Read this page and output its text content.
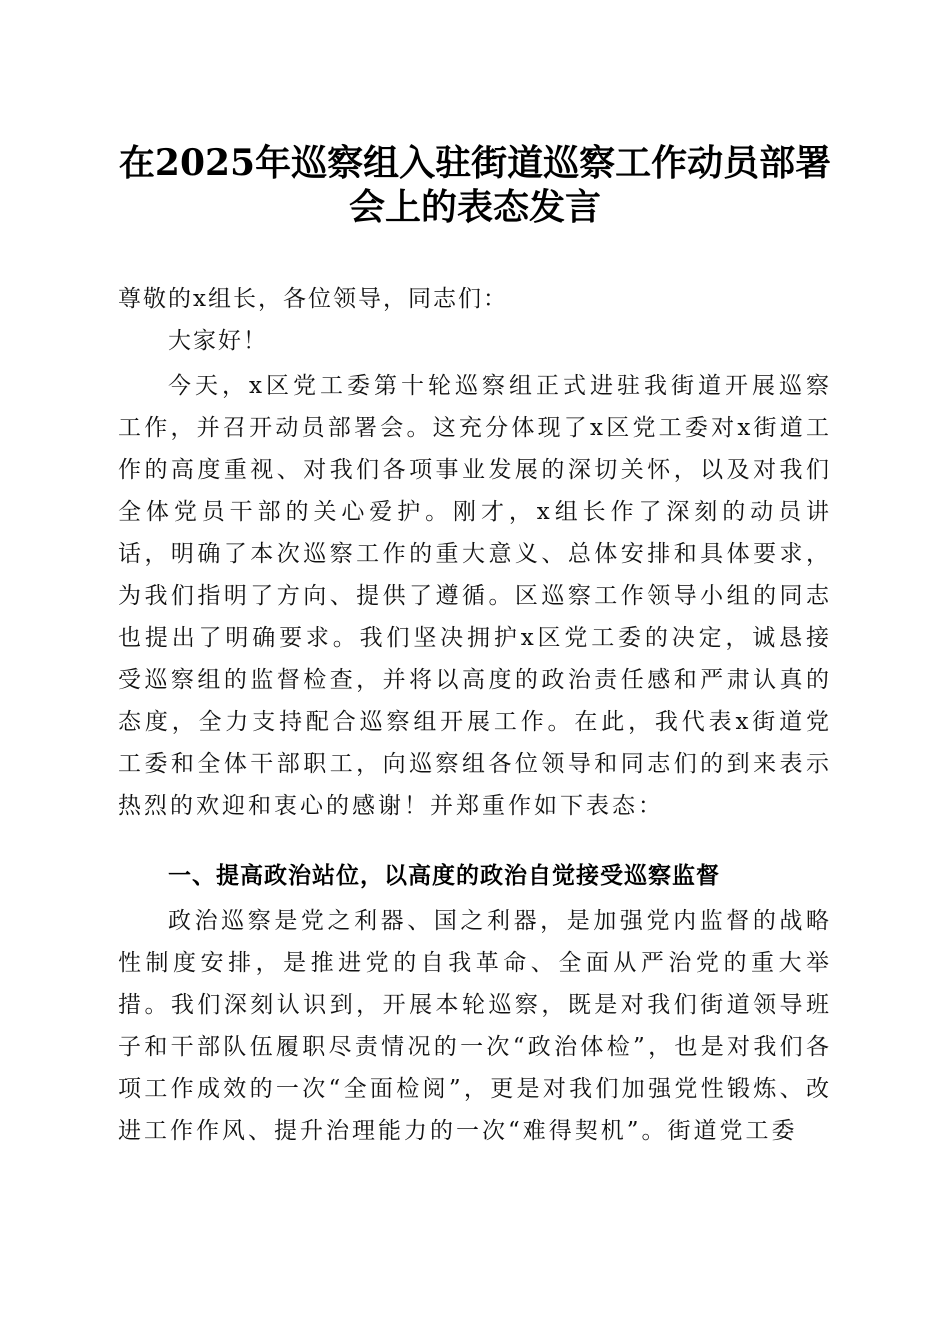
在2025年巡察组入驻街道巡察工作动员部署
会上的表态发言
尊敬的x组长，各位领导，同志们：
大家好！
今天，x区党工委第十轮巡察组正式进驻我街道开展巡察工作，并召开动员部署会。这充分体现了x区党工委对x街道工作的高度重视、对我们各项事业发展的深切关怀，以及对我们全体党员干部的关心爱护。刚才，x组长作了深刻的动员讲话，明确了本次巡察工作的重大意义、总体安排和具体要求，为我们指明了方向、提供了遵循。区巡察工作领导小组的同志也提出了明确要求。我们坚决拥护x区党工委的决定，诚恳接受巡察组的监督检查，并将以高度的政治责任感和严肃认真的态度，全力支持配合巡察组开展工作。在此，我代表x街道党工委和全体干部职工，向巡察组各位领导和同志们的到来表示热烈的欢迎和衷心的感谢！并郑重作如下表态：
一、提高政治站位，以高度的政治自觉接受巡察监督
政治巡察是党之利器、国之利器，是加强党内监督的战略性制度安排，是推进党的自我革命、全面从严治党的重大举措。我们深刻认识到，开展本轮巡察，既是对我们街道领导班子和干部队伍履职尽责情况的一次“政治体检”，也是对我们各项工作成效的一次“全面检阅”，更是对我们加强党性锻炼、改进工作作风、提升治理能力的一次“难得契机”。街道党工委
